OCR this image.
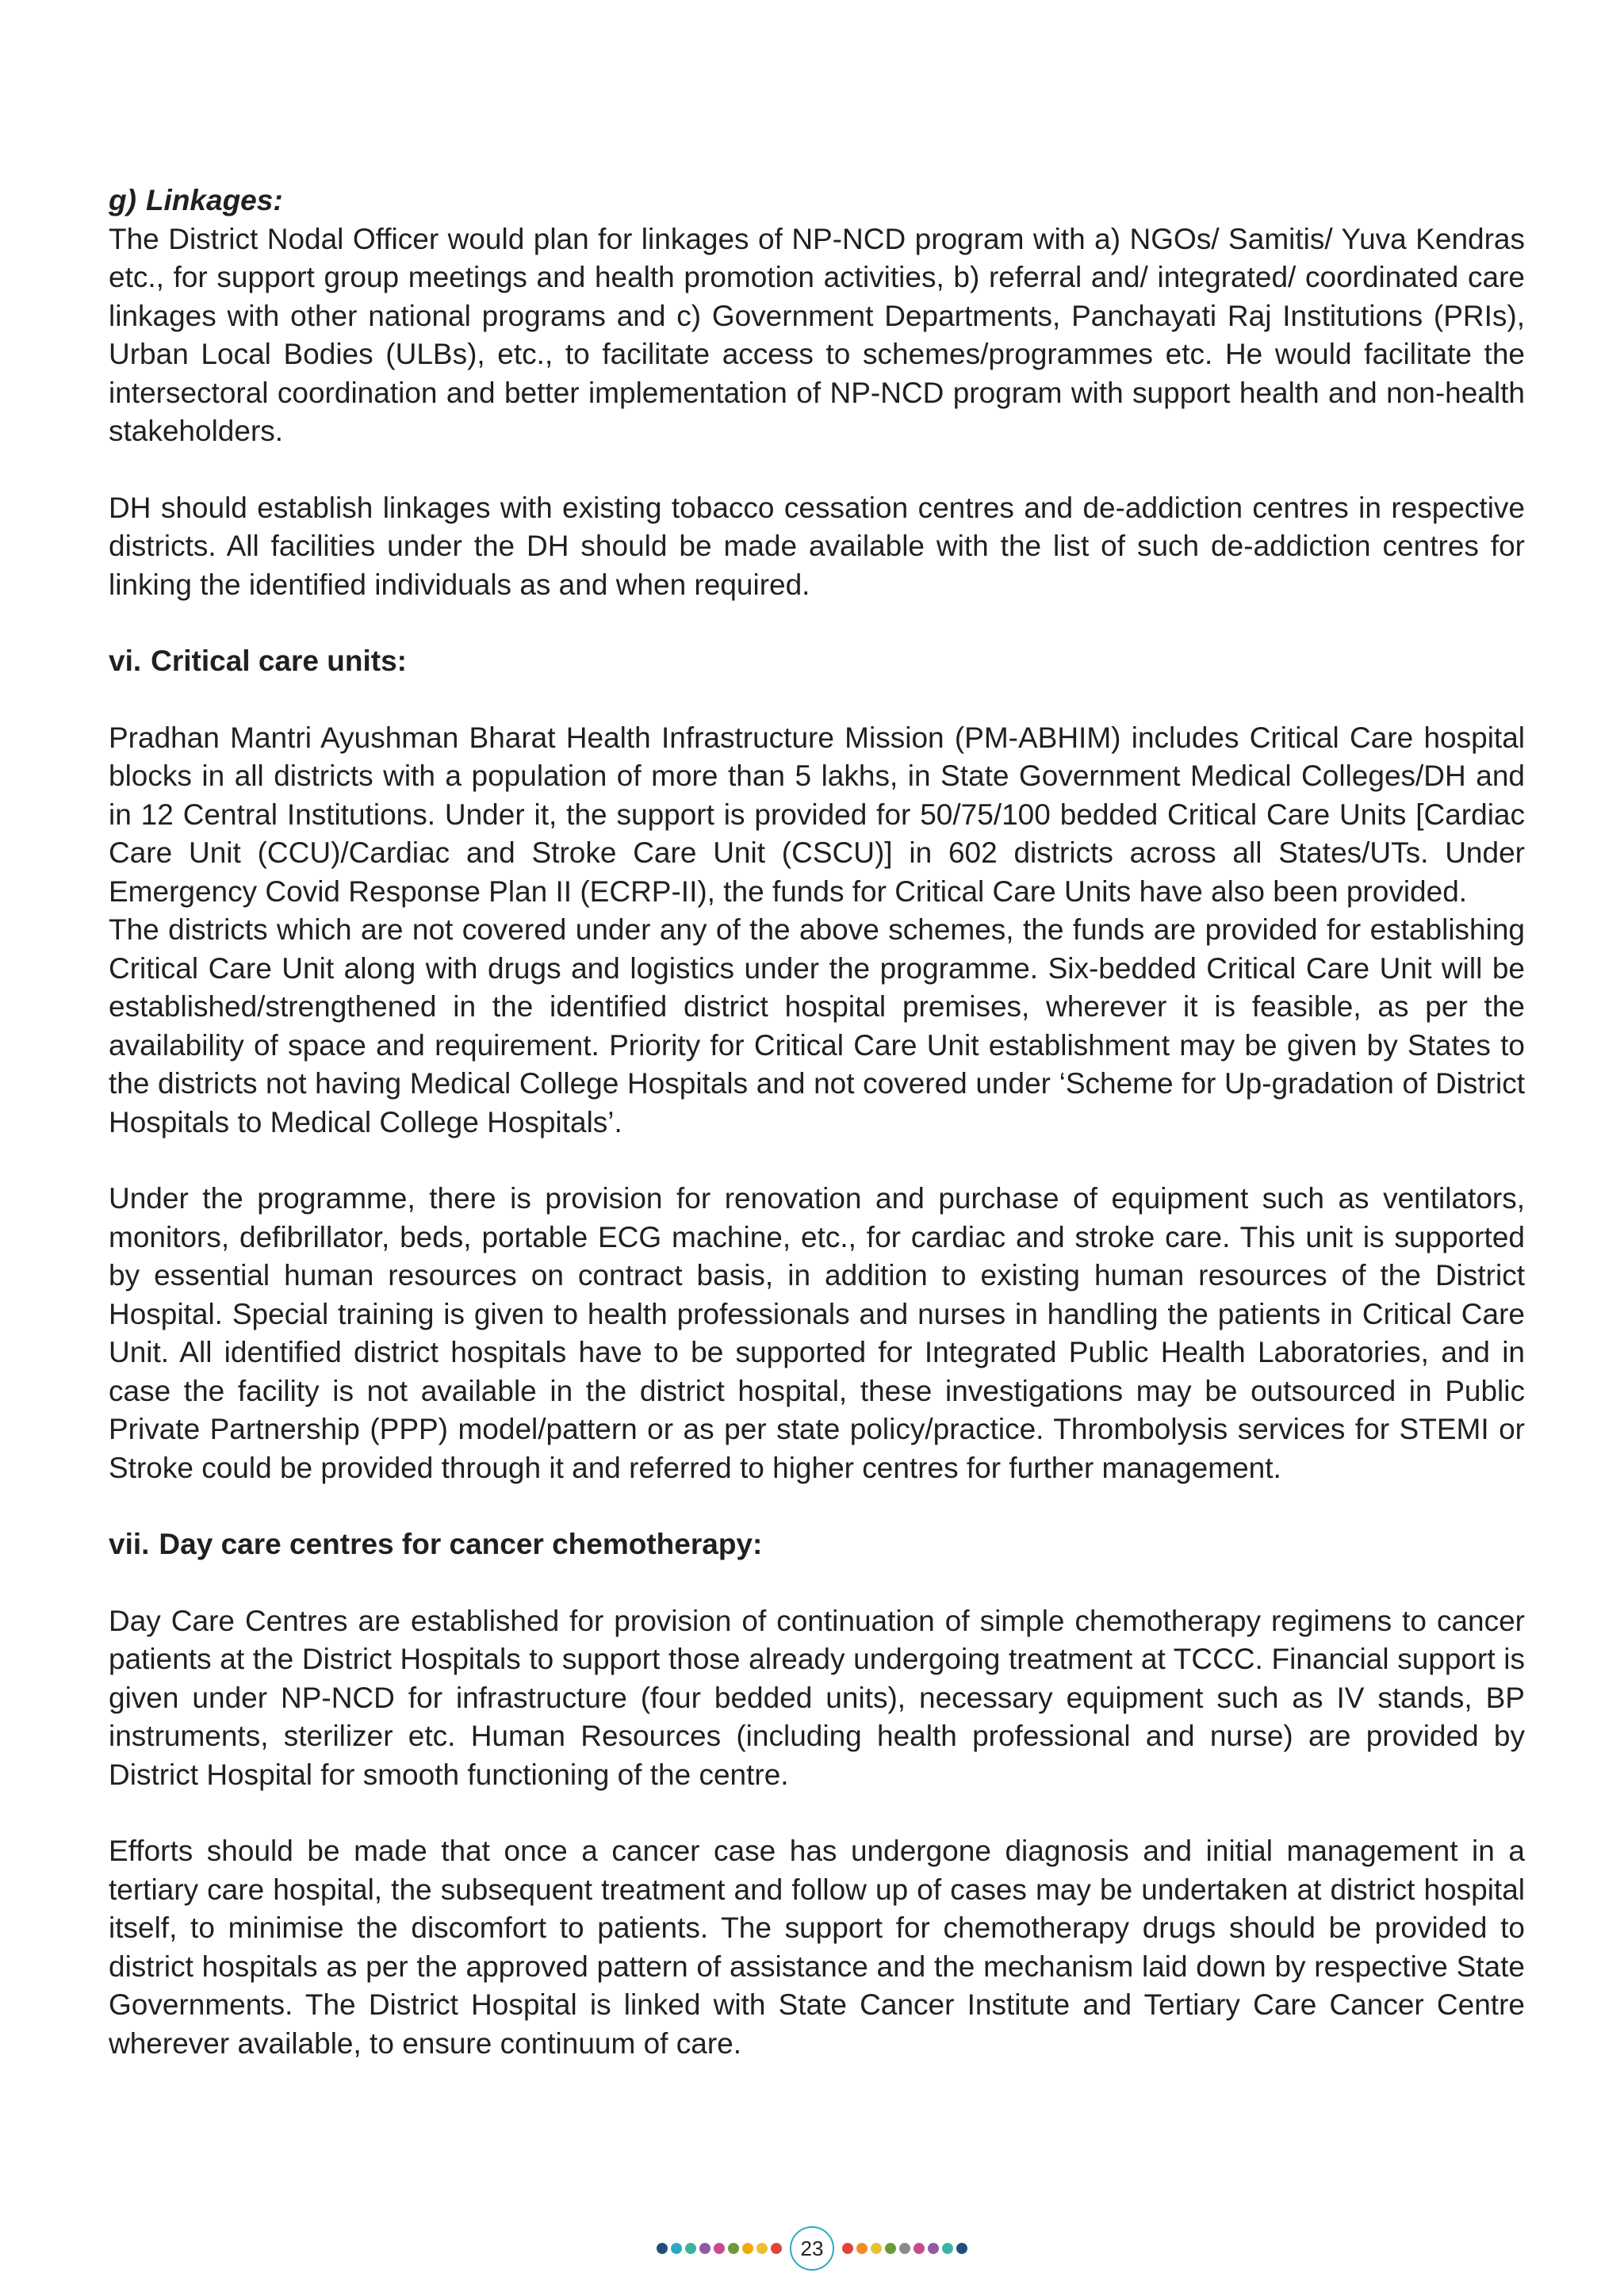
g) Linkages:

The District Nodal Officer would plan for linkages of NP-NCD program with a) NGOs/ Samitis/ Yuva Kendras etc., for support group meetings and health promotion activities, b) referral and/ integrated/ coordinated care linkages with other national programs and c) Government Departments, Panchayati Raj Institutions (PRIs), Urban Local Bodies (ULBs), etc., to facilitate access to schemes/programmes etc. He would facilitate the intersectoral coordination and better implementation of NP-NCD program with support health and non-health stakeholders.

DH should establish linkages with existing tobacco cessation centres and de-addiction centres in respective districts. All facilities under the DH should be made available with the list of such de-addiction centres for linking the identified individuals as and when required.

vi. Critical care units:

Pradhan Mantri Ayushman Bharat Health Infrastructure Mission (PM-ABHIM) includes Critical Care hospital blocks in all districts with a population of more than 5 lakhs, in State Government Medical Colleges/DH and in 12 Central Institutions. Under it, the support is provided for 50/75/100 bedded Critical Care Units [Cardiac Care Unit (CCU)/Cardiac and Stroke Care Unit (CSCU)] in 602 districts across all States/UTs. Under Emergency Covid Response Plan II (ECRP-II), the funds for Critical Care Units have also been provided.

The districts which are not covered under any of the above schemes, the funds are provided for establishing Critical Care Unit along with drugs and logistics under the programme. Six-bedded Critical Care Unit will be established/strengthened in the identified district hospital premises, wherever it is feasible, as per the availability of space and requirement. Priority for Critical Care Unit establishment may be given by States to the districts not having Medical College Hospitals and not covered under ‘Scheme for Up-gradation of District Hospitals to Medical College Hospitals’.

Under the programme, there is provision for renovation and purchase of equipment such as ventilators, monitors, defibrillator, beds, portable ECG machine, etc., for cardiac and stroke care. This unit is supported by essential human resources on contract basis, in addition to existing human resources of the District Hospital. Special training is given to health professionals and nurses in handling the patients in Critical Care Unit. All identified district hospitals have to be supported for Integrated Public Health Laboratories, and in case the facility is not available in the district hospital, these investigations may be outsourced in Public Private Partnership (PPP) model/pattern or as per state policy/practice. Thrombolysis services for STEMI or Stroke could be provided through it and referred to higher centres for further management.

vii. Day care centres for cancer chemotherapy:

Day Care Centres are established for provision of continuation of simple chemotherapy regimens to cancer patients at the District Hospitals to support those already undergoing treatment at TCCC. Financial support is given under NP-NCD for infrastructure (four bedded units), necessary equipment such as IV stands, BP instruments, sterilizer etc. Human Resources (including health professional and nurse) are provided by District Hospital for smooth functioning of the centre.

Efforts should be made that once a cancer case has undergone diagnosis and initial management in a tertiary care hospital, the subsequent treatment and follow up of cases may be undertaken at district hospital itself, to minimise the discomfort to patients. The support for chemotherapy drugs should be provided to district hospitals as per the approved pattern of assistance and the mechanism laid down by respective State Governments. The District Hospital is linked with State Cancer Institute and Tertiary Care Cancer Centre wherever available, to ensure continuum of care.

23
